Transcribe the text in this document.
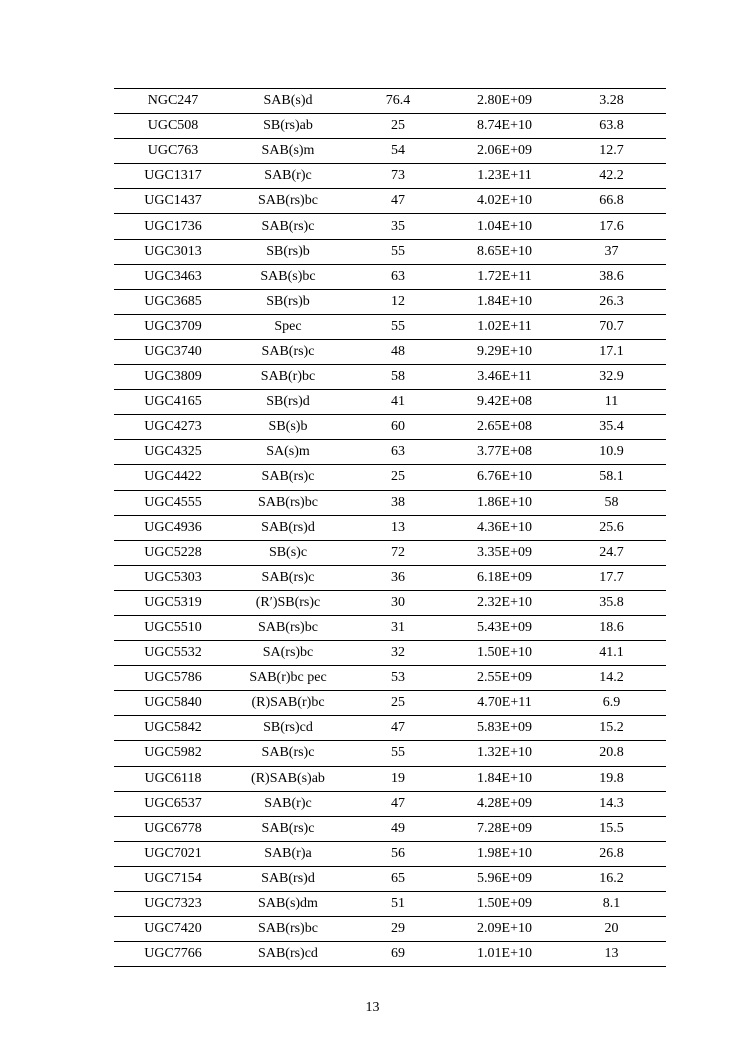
NGC247	SAB(s)d	76.4	2.80E+09	3.28
UGC508	SB(rs)ab	25	8.74E+10	63.8
UGC763	SAB(s)m	54	2.06E+09	12.7
UGC1317	SAB(r)c	73	1.23E+11	42.2
UGC1437	SAB(rs)bc	47	4.02E+10	66.8
UGC1736	SAB(rs)c	35	1.04E+10	17.6
UGC3013	SB(rs)b	55	8.65E+10	37
UGC3463	SAB(s)bc	63	1.72E+11	38.6
UGC3685	SB(rs)b	12	1.84E+10	26.3
UGC3709	Spec	55	1.02E+11	70.7
UGC3740	SAB(rs)c	48	9.29E+10	17.1
UGC3809	SAB(r)bc	58	3.46E+11	32.9
UGC4165	SB(rs)d	41	9.42E+08	11
UGC4273	SB(s)b	60	2.65E+08	35.4
UGC4325	SA(s)m	63	3.77E+08	10.9
UGC4422	SAB(rs)c	25	6.76E+10	58.1
UGC4555	SAB(rs)bc	38	1.86E+10	58
UGC4936	SAB(rs)d	13	4.36E+10	25.6
UGC5228	SB(s)c	72	3.35E+09	24.7
UGC5303	SAB(rs)c	36	6.18E+09	17.7
UGC5319	(R′)SB(rs)c	30	2.32E+10	35.8
UGC5510	SAB(rs)bc	31	5.43E+09	18.6
UGC5532	SA(rs)bc	32	1.50E+10	41.1
UGC5786	SAB(r)bc pec	53	2.55E+09	14.2
UGC5840	(R)SAB(r)bc	25	4.70E+11	6.9
UGC5842	SB(rs)cd	47	5.83E+09	15.2
UGC5982	SAB(rs)c	55	1.32E+10	20.8
UGC6118	(R)SAB(s)ab	19	1.84E+10	19.8
UGC6537	SAB(r)c	47	4.28E+09	14.3
UGC6778	SAB(rs)c	49	7.28E+09	15.5
UGC7021	SAB(r)a	56	1.98E+10	26.8
UGC7154	SAB(rs)d	65	5.96E+09	16.2
UGC7323	SAB(s)dm	51	1.50E+09	8.1
UGC7420	SAB(rs)bc	29	2.09E+10	20
UGC7766	SAB(rs)cd	69	1.01E+10	13
13
